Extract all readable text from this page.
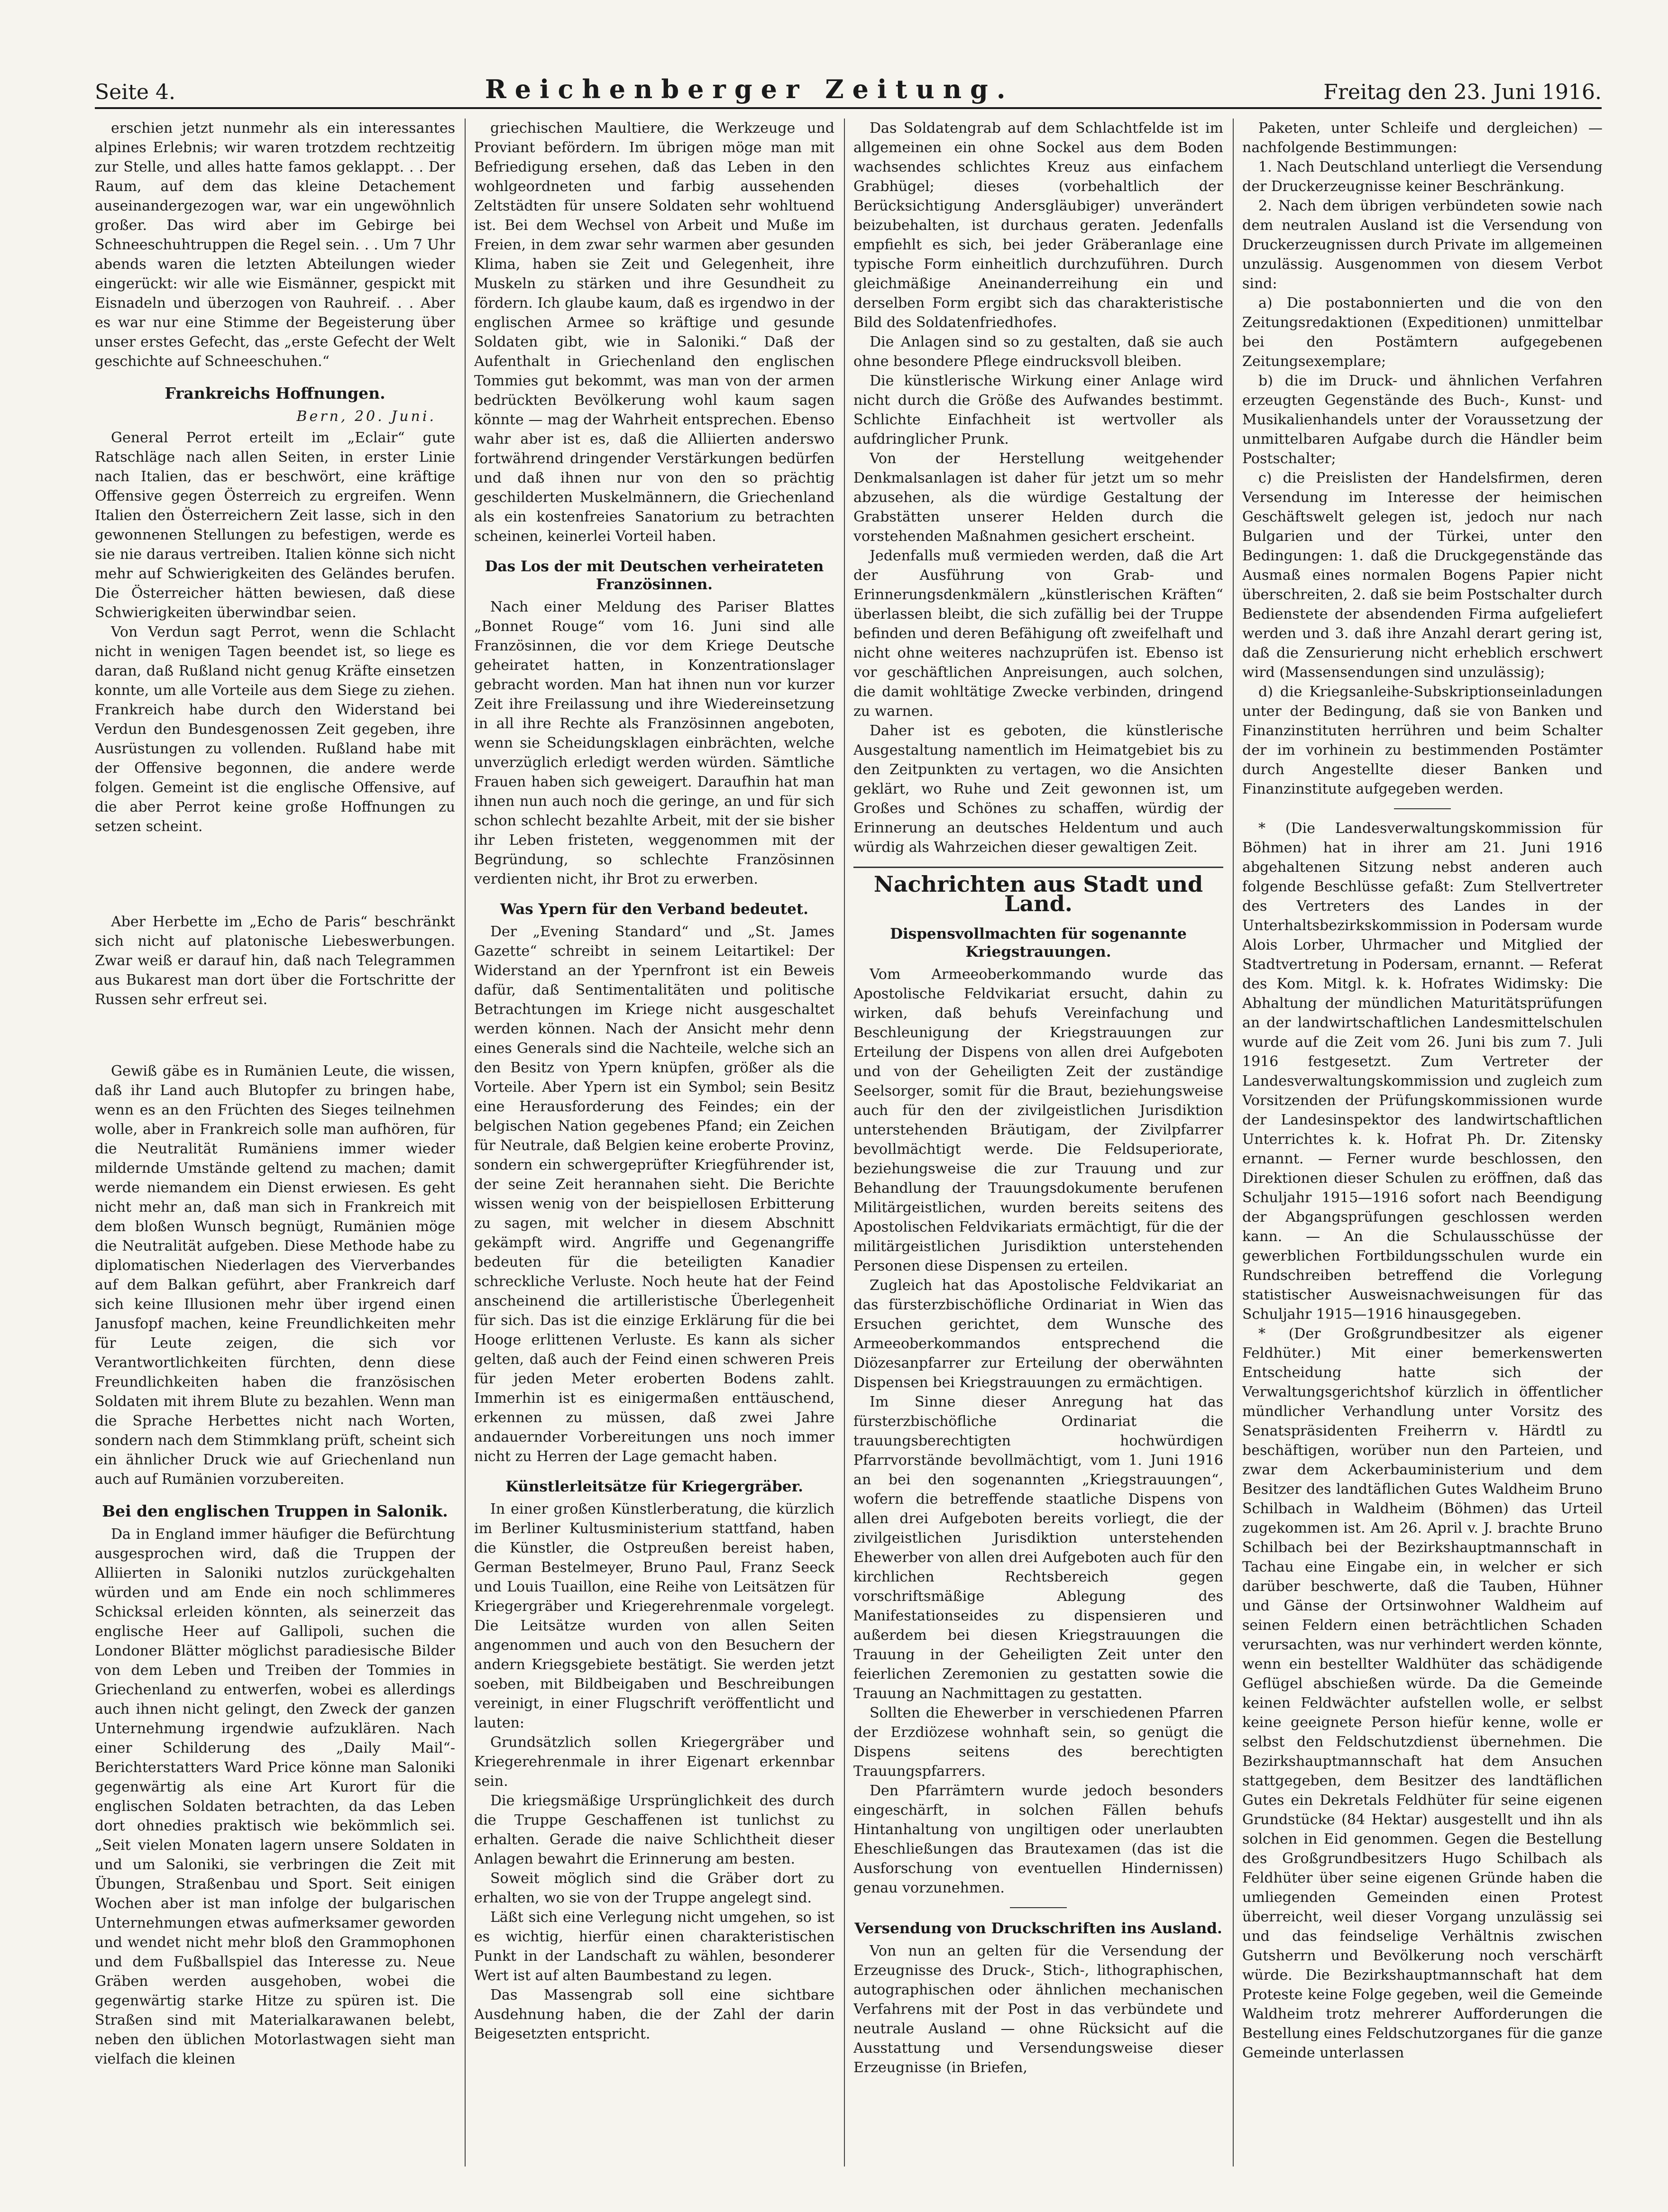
Seite 4.	Reichenberger Zeitung.	Freitag den 23. Juni 1916.

erschien jetzt nunmehr als ein interessantes alpines Erlebnis; wir waren trotzdem rechtzeitig zur Stelle, und alles hatte famos geklappt. . . Der Raum, auf dem das kleine Detachement auseinandergezogen war, war ein ungewöhnlich großer. Das wird aber im Gebirge bei Schneeschuhtruppen die Regel sein. . . Um 7 Uhr abends waren die letzten Abteilungen wieder eingerückt: wir alle wie Eismänner, gespickt mit Eisnadeln und überzogen von Rauhreif. . . Aber es war nur eine Stimme der Begeisterung über unser erstes Gefecht, das „erste Gefecht der Welt geschichte auf Schneeschuhen.“

Frankreichs Hoffnungen.
Bern, 20. Juni.

General Perrot erteilt im „Eclair“ gute Ratschläge nach allen Seiten, in erster Linie nach Italien, das er beschwört, eine kräftige Offensive gegen Österreich zu ergreifen. Wenn Italien den Österreichern Zeit lasse, sich in den gewonnenen Stellungen zu befestigen, werde es sie nie daraus vertreiben. Italien könne sich nicht mehr auf Schwierigkeiten des Geländes berufen. Die Österreicher hätten bewiesen, daß diese Schwierigkeiten überwindbar seien.

Von Verdun sagt Perrot, wenn die Schlacht nicht in wenigen Tagen beendet ist, so liege es daran, daß Rußland nicht genug Kräfte einsetzen konnte, um alle Vorteile aus dem Siege zu ziehen. Frankreich habe durch den Widerstand bei Verdun den Bundesgenossen Zeit gegeben, ihre Ausrüstungen zu vollenden. Rußland habe mit der Offensive begonnen, die andere werde folgen. Gemeint ist die englische Offensive, auf die aber Perrot keine große Hoffnungen zu setzen scheint.

Aber Herbette im „Echo de Paris“ beschränkt sich nicht auf platonische Liebeswerbungen. Zwar weiß er darauf hin, daß nach Telegrammen aus Bukarest man dort über die Fortschritte der Russen sehr erfreut sei.

Gewiß gäbe es in Rumänien Leute, die wissen, daß ihr Land auch Blutopfer zu bringen habe, wenn es an den Früchten des Sieges teilnehmen wolle, aber in Frankreich solle man aufhören, für die Neutralität Rumäniens immer wieder mildernde Umstände geltend zu machen; damit werde niemandem ein Dienst erwiesen. Es geht nicht mehr an, daß man sich in Frankreich mit dem bloßen Wunsch begnügt, Rumänien möge die Neutralität aufgeben. Diese Methode habe zu diplomatischen Niederlagen des Vierverbandes auf dem Balkan geführt, aber Frankreich darf sich keine Illusionen mehr über irgend einen Janusfopf machen, keine Freundlichkeiten mehr für Leute zeigen, die sich vor Verantwortlichkeiten fürchten, denn diese Freundlichkeiten haben die französischen Soldaten mit ihrem Blute zu bezahlen. Wenn man die Sprache Herbettes nicht nach Worten, sondern nach dem Stimmklang prüft, scheint sich ein ähnlicher Druck wie auf Griechenland nun auch auf Rumänien vorzubereiten.

Bei den englischen Truppen in Salonik.

Da in England immer häufiger die Befürchtung ausgesprochen wird, daß die Truppen der Alliierten in Saloniki nutzlos zurückgehalten würden und am Ende ein noch schlimmeres Schicksal erleiden könnten, als seinerzeit das englische Heer auf Gallipoli, suchen die Londoner Blätter möglichst paradiesische Bilder von dem Leben und Treiben der Tommies in Griechenland zu entwerfen, wobei es allerdings auch ihnen nicht gelingt, den Zweck der ganzen Unternehmung irgendwie aufzuklären. Nach einer Schilderung des „Daily Mail“-Berichterstatters Ward Price könne man Saloniki gegenwärtig als eine Art Kurort für die englischen Soldaten betrachten, da das Leben dort ohnedies praktisch wie bekömmlich sei. „Seit vielen Monaten lagern unsere Soldaten in und um Saloniki, sie verbringen die Zeit mit Übungen, Straßenbau und Sport. Seit einigen Wochen aber ist man infolge der bulgarischen Unternehmungen etwas aufmerksamer geworden und wendet nicht mehr bloß den Grammophonen und dem Fußballspiel das Interesse zu. Neue Gräben werden ausgehoben, wobei die gegenwärtig starke Hitze zu spüren ist. Die Straßen sind mit Materialkarawanen belebt, neben den üblichen Motorlastwagen sieht man vielfach die kleinen

griechischen Maultiere, die Werkzeuge und Proviant befördern. Im übrigen möge man mit Befriedigung ersehen, daß das Leben in den wohlgeordneten und farbig aussehenden Zeltstädten für unsere Soldaten sehr wohltuend ist. Bei dem Wechsel von Arbeit und Muße im Freien, in dem zwar sehr warmen aber gesunden Klima, haben sie Zeit und Gelegenheit, ihre Muskeln zu stärken und ihre Gesundheit zu fördern. Ich glaube kaum, daß es irgendwo in der englischen Armee so kräftige und gesunde Soldaten gibt, wie in Saloniki.“ Daß der Aufenthalt in Griechenland den englischen Tommies gut bekommt, was man von der armen bedrückten Bevölkerung wohl kaum sagen könnte — mag der Wahrheit entsprechen. Ebenso wahr aber ist es, daß die Alliierten anderswo fortwährend dringender Verstärkungen bedürfen und daß ihnen nur von den so prächtig geschilderten Muskelmännern, die Griechenland als ein kostenfreies Sanatorium zu betrachten scheinen, keinerlei Vorteil haben.

Das Los der mit Deutschen verheirateten Französinnen.

Nach einer Meldung des Pariser Blattes „Bonnet Rouge“ vom 16. Juni sind alle Französinnen, die vor dem Kriege Deutsche geheiratet hatten, in Konzentrationslager gebracht worden. Man hat ihnen nun vor kurzer Zeit ihre Freilassung und ihre Wiedereinsetzung in all ihre Rechte als Französinnen angeboten, wenn sie Scheidungsklagen einbrächten, welche unverzüglich erledigt werden würden. Sämtliche Frauen haben sich geweigert. Daraufhin hat man ihnen nun auch noch die geringe, an und für sich schon schlecht bezahlte Arbeit, mit der sie bisher ihr Leben fristeten, weggenommen mit der Begründung, so schlechte Französinnen verdienten nicht, ihr Brot zu erwerben.

Was Ypern für den Verband bedeutet.

Der „Evening Standard“ und „St. James Gazette“ schreibt in seinem Leitartikel: Der Widerstand an der Ypernfront ist ein Beweis dafür, daß Sentimentalitäten und politische Betrachtungen im Kriege nicht ausgeschaltet werden können. Nach der Ansicht mehr denn eines Generals sind die Nachteile, welche sich an den Besitz von Ypern knüpfen, größer als die Vorteile. Aber Ypern ist ein Symbol; sein Besitz eine Herausforderung des Feindes; ein der belgischen Nation gegebenes Pfand; ein Zeichen für Neutrale, daß Belgien keine eroberte Provinz, sondern ein schwergeprüfter Kriegführender ist, der seine Zeit herannahen sieht. Die Berichte wissen wenig von der beispiellosen Erbitterung zu sagen, mit welcher in diesem Abschnitt gekämpft wird. Angriffe und Gegenangriffe bedeuten für die beteiligten Kanadier schreckliche Verluste. Noch heute hat der Feind anscheinend die artilleristische Überlegenheit für sich. Das ist die einzige Erklärung für die bei Hooge erlittenen Verluste. Es kann als sicher gelten, daß auch der Feind einen schweren Preis für jeden Meter eroberten Bodens zahlt. Immerhin ist es einigermaßen enttäuschend, erkennen zu müssen, daß zwei Jahre andauernder Vorbereitungen uns noch immer nicht zu Herren der Lage gemacht haben.

Künstlerleitsätze für Kriegergräber.

In einer großen Künstlerberatung, die kürzlich im Berliner Kultusministerium stattfand, haben die Künstler, die Ostpreußen bereist haben, German Bestelmeyer, Bruno Paul, Franz Seeck und Louis Tuaillon, eine Reihe von Leitsätzen für Kriegergräber und Kriegerehrenmale vorgelegt. Die Leitsätze wurden von allen Seiten angenommen und auch von den Besuchern der andern Kriegsgebiete bestätigt. Sie werden jetzt soeben, mit Bildbeigaben und Beschreibungen vereinigt, in einer Flugschrift veröffentlicht und lauten:

Grundsätzlich sollen Kriegergräber und Kriegerehrenmale in ihrer Eigenart erkennbar sein.

Die kriegsmäßige Ursprünglichkeit des durch die Truppe Geschaffenen ist tunlichst zu erhalten. Gerade die naive Schlichtheit dieser Anlagen bewahrt die Erinnerung am besten.

Soweit möglich sind die Gräber dort zu erhalten, wo sie von der Truppe angelegt sind.

Läßt sich eine Verlegung nicht umgehen, so ist es wichtig, hierfür einen charakteristischen Punkt in der Landschaft zu wählen, besonderer Wert ist auf alten Baumbestand zu legen.

Das Massengrab soll eine sichtbare Ausdehnung haben, die der Zahl der darin Beigesetzten entspricht.

Das Soldatengrab auf dem Schlachtfelde ist im allgemeinen ein ohne Sockel aus dem Boden wachsendes schlichtes Kreuz aus einfachem Grabhügel; dieses (vorbehaltlich der Berücksichtigung Andersgläubiger) unverändert beizubehalten, ist durchaus geraten. Jedenfalls empfiehlt es sich, bei jeder Gräberanlage eine typische Form einheitlich durchzuführen. Durch gleichmäßige Aneinanderreihung ein und derselben Form ergibt sich das charakteristische Bild des Soldatenfriedhofes.

Die Anlagen sind so zu gestalten, daß sie auch ohne besondere Pflege eindrucksvoll bleiben.

Die künstlerische Wirkung einer Anlage wird nicht durch die Größe des Aufwandes bestimmt. Schlichte Einfachheit ist wertvoller als aufdringlicher Prunk.

Von der Herstellung weitgehender Denkmalsanlagen ist daher für jetzt um so mehr abzusehen, als die würdige Gestaltung der Grabstätten unserer Helden durch die vorstehenden Maßnahmen gesichert erscheint.

Jedenfalls muß vermieden werden, daß die Art der Ausführung von Grab- und Erinnerungsdenkmälern „künstlerischen Kräften“ überlassen bleibt, die sich zufällig bei der Truppe befinden und deren Befähigung oft zweifelhaft und nicht ohne weiteres nachzuprüfen ist. Ebenso ist vor geschäftlichen Anpreisungen, auch solchen, die damit wohltätige Zwecke verbinden, dringend zu warnen.

Daher ist es geboten, die künstlerische Ausgestaltung namentlich im Heimatgebiet bis zu den Zeitpunkten zu vertagen, wo die Ansichten geklärt, wo Ruhe und Zeit gewonnen ist, um Großes und Schönes zu schaffen, würdig der Erinnerung an deutsches Heldentum und auch würdig als Wahrzeichen dieser gewaltigen Zeit.

Nachrichten aus Stadt und Land.
Dispensvollmachten für sogenannte Kriegstrauungen.

Vom Armeeoberkommando wurde das Apostolische Feldvikariat ersucht, dahin zu wirken, daß behufs Vereinfachung und Beschleunigung der Kriegstrauungen zur Erteilung der Dispens von allen drei Aufgeboten und von der Geheiligten Zeit der zuständige Seelsorger, somit für die Braut, beziehungsweise auch für den der zivilgeistlichen Jurisdiktion unterstehenden Bräutigam, der Zivilpfarrer bevollmächtigt werde. Die Feldsuperiorate, beziehungsweise die zur Trauung und zur Behandlung der Trauungsdokumente berufenen Militärgeistlichen, wurden bereits seitens des Apostolischen Feldvikariats ermächtigt, für die der militärgeistlichen Jurisdiktion unterstehenden Personen diese Dispensen zu erteilen.

Zugleich hat das Apostolische Feldvikariat an das fürsterzbischöfliche Ordinariat in Wien das Ersuchen gerichtet, dem Wunsche des Armeeoberkommandos entsprechend die Diözesanpfarrer zur Erteilung der oberwähnten Dispensen bei Kriegstrauungen zu ermächtigen.

Im Sinne dieser Anregung hat das fürsterzbischöfliche Ordinariat die trauungsberechtigten hochwürdigen Pfarrvorstände bevollmächtigt, vom 1. Juni 1916 an bei den sogenannten „Kriegstrauungen“, wofern die betreffende staatliche Dispens von allen drei Aufgeboten bereits vorliegt, die der zivilgeistlichen Jurisdiktion unterstehenden Ehewerber von allen drei Aufgeboten auch für den kirchlichen Rechtsbereich gegen vorschriftsmäßige Ablegung des Manifestationseides zu dispensieren und außerdem bei diesen Kriegstrauungen die Trauung in der Geheiligten Zeit unter den feierlichen Zeremonien zu gestatten sowie die Trauung an Nachmittagen zu gestatten.

Sollten die Ehewerber in verschiedenen Pfarren der Erzdiözese wohnhaft sein, so genügt die Dispens seitens des berechtigten Trauungspfarrers.

Den Pfarrämtern wurde jedoch besonders eingeschärft, in solchen Fällen behufs Hintanhaltung von ungiltigen oder unerlaubten Eheschließungen das Brautexamen (das ist die Ausforschung von eventuellen Hindernissen) genau vorzunehmen.

Versendung von Druckschriften ins Ausland.

Von nun an gelten für die Versendung der Erzeugnisse des Druck-, Stich-, lithographischen, autographischen oder ähnlichen mechanischen Verfahrens mit der Post in das verbündete und neutrale Ausland — ohne Rücksicht auf die Ausstattung und Versendungsweise dieser Erzeugnisse (in Briefen,

Paketen, unter Schleife und dergleichen) — nachfolgende Bestimmungen:

1. Nach Deutschland unterliegt die Versendung der Druckerzeugnisse keiner Beschränkung.

2. Nach dem übrigen verbündeten sowie nach dem neutralen Ausland ist die Versendung von Druckerzeugnissen durch Private im allgemeinen unzulässig. Ausgenommen von diesem Verbot sind:

a) Die postabonnierten und die von den Zeitungsredaktionen (Expeditionen) unmittelbar bei den Postämtern aufgegebenen Zeitungsexemplare;

b) die im Druck- und ähnlichen Verfahren erzeugten Gegenstände des Buch-, Kunst- und Musikalienhandels unter der Voraussetzung der unmittelbaren Aufgabe durch die Händler beim Postschalter;

c) die Preislisten der Handelsfirmen, deren Versendung im Interesse der heimischen Geschäftswelt gelegen ist, jedoch nur nach Bulgarien und der Türkei, unter den Bedingungen: 1. daß die Druckgegenstände das Ausmaß eines normalen Bogens Papier nicht überschreiten, 2. daß sie beim Postschalter durch Bedienstete der absendenden Firma aufgeliefert werden und 3. daß ihre Anzahl derart gering ist, daß die Zensurierung nicht erheblich erschwert wird (Massensendungen sind unzulässig);

d) die Kriegsanleihe-Subskriptionseinladungen unter der Bedingung, daß sie von Banken und Finanzinstituten herrühren und beim Schalter der im vorhinein zu bestimmenden Postämter durch Angestellte dieser Banken und Finanzinstitute aufgegeben werden.

* (Die Landesverwaltungskommission für Böhmen) hat in ihrer am 21. Juni 1916 abgehaltenen Sitzung nebst anderen auch folgende Beschlüsse gefaßt: Zum Stellvertreter des Vertreters des Landes in der Unterhaltsbezirkskommission in Podersam wurde Alois Lorber, Uhrmacher und Mitglied der Stadtvertretung in Podersam, ernannt. — Referat des Kom. Mitgl. k. k. Hofrates Widimsky: Die Abhaltung der mündlichen Maturitätsprüfungen an der landwirtschaftlichen Landesmittelschulen wurde auf die Zeit vom 26. Juni bis zum 7. Juli 1916 festgesetzt. Zum Vertreter der Landesverwaltungskommission und zugleich zum Vorsitzenden der Prüfungskommissionen wurde der Landesinspektor des landwirtschaftlichen Unterrichtes k. k. Hofrat Ph. Dr. Zitensky ernannt. — Ferner wurde beschlossen, den Direktionen dieser Schulen zu eröffnen, daß das Schuljahr 1915—1916 sofort nach Beendigung der Abgangsprüfungen geschlossen werden kann. — An die Schulausschüsse der gewerblichen Fortbildungsschulen wurde ein Rundschreiben betreffend die Vorlegung statistischer Ausweisnachweisungen für das Schuljahr 1915—1916 hinausgegeben.

* (Der Großgrundbesitzer als eigener Feldhüter.) Mit einer bemerkenswerten Entscheidung hatte sich der Verwaltungsgerichtshof kürzlich in öffentlicher mündlicher Verhandlung unter Vorsitz des Senatspräsidenten Freiherrn v. Härdtl zu beschäftigen, worüber nun den Parteien, und zwar dem Ackerbauministerium und dem Besitzer des landtäflichen Gutes Waldheim Bruno Schilbach in Waldheim (Böhmen) das Urteil zugekommen ist. Am 26. April v. J. brachte Bruno Schilbach bei der Bezirkshauptmannschaft in Tachau eine Eingabe ein, in welcher er sich darüber beschwerte, daß die Tauben, Hühner und Gänse der Ortsinwohner Waldheim auf seinen Feldern einen beträchtlichen Schaden verursachten, was nur verhindert werden könnte, wenn ein bestellter Waldhüter das schädigende Geflügel abschießen würde. Da die Gemeinde keinen Feldwächter aufstellen wolle, er selbst keine geeignete Person hiefür kenne, wolle er selbst den Feldschutzdienst übernehmen. Die Bezirkshauptmannschaft hat dem Ansuchen stattgegeben, dem Besitzer des landtäflichen Gutes ein Dekretals Feldhüter für seine eigenen Grundstücke (84 Hektar) ausgestellt und ihn als solchen in Eid genommen. Gegen die Bestellung des Großgrundbesitzers Hugo Schilbach als Feldhüter über seine eigenen Gründe haben die umliegenden Gemeinden einen Protest überreicht, weil dieser Vorgang unzulässig sei und das feindselige Verhältnis zwischen Gutsherrn und Bevölkerung noch verschärft würde. Die Bezirkshauptmannschaft hat dem Proteste keine Folge gegeben, weil die Gemeinde Waldheim trotz mehrerer Aufforderungen die Bestellung eines Feldschutzorganes für die ganze Gemeinde unterlassen
